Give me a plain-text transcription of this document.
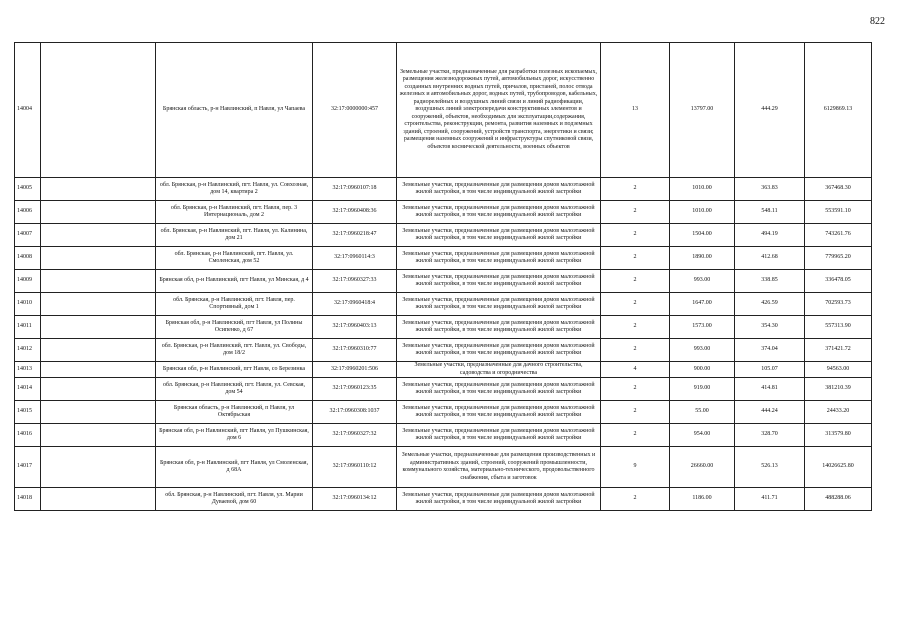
822
14004		Брянская область, р-н Навлинский, п Навля, ул Чапаева	32:17:0000000:457	Земельные участки, предназначенные для разработки полезных ископаемых, размещения железнодорожных путей, автомобильных дорог, искусственно созданных внутренних водных путей, причалов, пристаней, полос отвода железных и автомобильных дорог, водных путей, трубопроводов, кабельных, радиорелейных и воздушных линий связи и линий радиофикации, воздушных линий электропередачи конструктивных элементов и сооружений, объектов, необходимых для эксплуатации,содержания, строительства, реконструкции, ремонта, развития наземных и подземных зданий, строений, сооружений, устройств транспорта, энергетики и связи; размещения наземных сооружений и инфраструктуры спутниковой связи, объектов космической деятельности, военных объектов	13	13797.00	444.29	6129869.13
14005		обл. Брянская, р-н Навлинский, пгт. Навля, ул. Совхозная, дом 14, квартира 2	32:17:0960107:18	Земельные участки, предназначенные для размещения домов малоэтажной жилой застройки, в том числе индивидуальной жилой застройки	2	1010.00	363.83	367468.30
14006		обл. Брянская, р-н Навлинский, пгт. Навля, пер. 3 Интернациональ, дом 2	32:17:0960408:36	Земельные участки, предназначенные для размещения домов малоэтажной жилой застройки, в том числе индивидуальной жилой застройки	2	1010.00	548.11	553591.10
14007		обл. Брянская, р-н Навлинский, пгт. Навля, ул. Калинина, дом 21	32:17:0960218:47	Земельные участки, предназначенные для размещения домов малоэтажной жилой застройки, в том числе индивидуальной жилой застройки	2	1504.00	494.19	743261.76
14008		обл. Брянская, р-н Навлинский, пгт. Навля, ул. Смоленская, дом 52	32:17:0960114:3	Земельные участки, предназначенные для размещения домов малоэтажной жилой застройки, в том числе индивидуальной жилой застройки	2	1890.00	412.68	779965.20
14009		Брянская обл, р-н Навлинский, пгт Навля, ул Минская, д 4	32:17:0960327:33	Земельные участки, предназначенные для размещения домов малоэтажной жилой застройки, в том числе индивидуальной жилой застройки	2	993.00	338.85	336478.05
14010		обл. Брянская, р-н Навлинский, пгт. Навля, пер. Спортивный, дом 1	32:17:0960418:4	Земельные участки, предназначенные для размещения домов малоэтажной жилой застройки, в том числе индивидуальной жилой застройки	2	1647.00	426.59	702593.73
14011		Брянская обл, р-н Навлинский, пгт Навля, ул Полины Осипенко, д 67	32:17:0960403:13	Земельные участки, предназначенные для размещения домов малоэтажной жилой застройки, в том числе индивидуальной жилой застройки	2	1573.00	354.30	557313.90
14012		обл. Брянская, р-н Навлинский, пгт. Навля, ул. Свободы, дом 18/2	32:17:0960310:77	Земельные участки, предназначенные для размещения домов малоэтажной жилой застройки, в том числе индивидуальной жилой застройки	2	993.00	374.04	371421.72
14013		Брянская обл, р-н Навлинский, пгт Навля, со Березинка	32:17:0960201:506	Земельные участки, предназначенные для дачного строительства, садоводства и огородничества	4	900.00	105.07	94563.00
14014		обл. Брянская, р-н Навлинский, пгт. Навля, ул. Севская, дом 54	32:17:0960123:35	Земельные участки, предназначенные для размещения домов малоэтажной жилой застройки, в том числе индивидуальной жилой застройки	2	919.00	414.81	381210.39
14015		Брянская область, р-н Навлинский, п Навля, ул Октябрьская	32:17:0960308:1037	Земельные участки, предназначенные для размещения домов малоэтажной жилой застройки, в том числе индивидуальной жилой застройки	2	55.00	444.24	24433.20
14016		Брянская обл, р-н Навлинский, пгт Навля, ул Пушкинская, дом 6	32:17:0960327:32	Земельные участки, предназначенные для размещения домов малоэтажной жилой застройки, в том числе индивидуальной жилой застройки	2	954.00	328.70	313579.80
14017		Брянская обл, р-н Навлинский, пгт Навля, ул Смоленская, д 68А	32:17:0960110:12	Земельные участки, предназначенные для размещения производственных и административных зданий, строений, сооружений промышленности, коммунального хозяйства, материально-технического, продовольственного снабжения, сбыта и заготовок	9	26660.00	526.13	14026625.80
14018		обл. Брянская, р-н Навлинский, пгт. Навля, ул. Марии Дуваевой, дом 60	32:17:0960134:12	Земельные участки, предназначенные для размещения домов малоэтажной жилой застройки, в том числе индивидуальной жилой застройки	2	1186.00	411.71	488288.06
